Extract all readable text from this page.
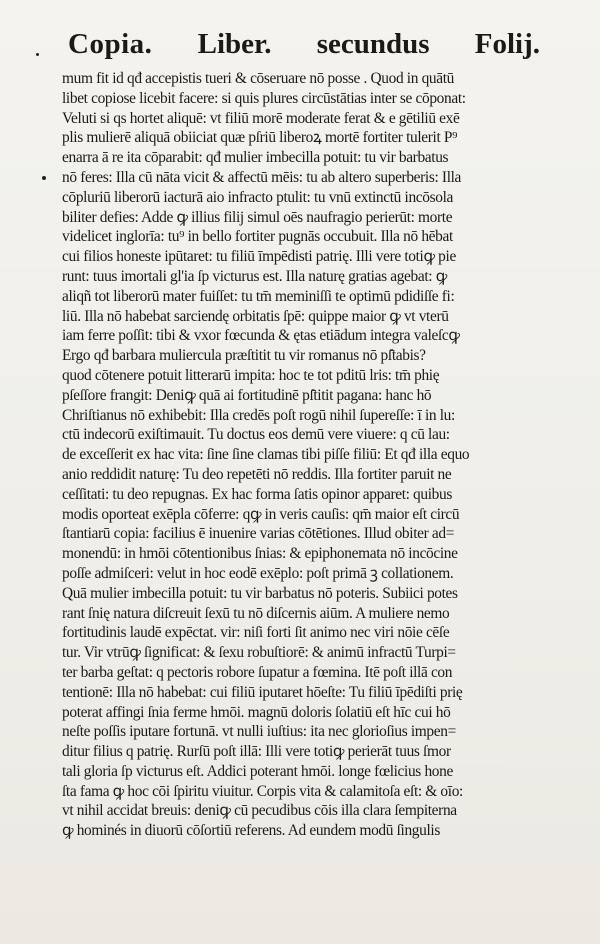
Copia. Liber. secundus Folij.
mum fit id qđ accepistis tueri & cōseruare nō posse . Quod in quātū
libet copiose licebit facere: si quis plures circūstātias inter se cōponat:
Veluti si qs hortet aliquē: vt filiū morē moderate ferat & e gētiliū exē
plis mulierē aliquā obiiciat quæ pſriū liberoꝝ mortē fortiter tulerit P⁹
enarra ā re ita cōparabit: qđ mulier imbecilla potuit: tu vir barbatus
nō feres: Illa cū nāta vicit & affectū mēis: tu ab altero superberis: Illa
cōpluriū liberorū iacturā aio infracto ptulit: tu vnū extinctū incōsola
biliter defies: Adde ꝙ illius filij simul oēs naufragio perierūt: morte
videlicet inglorīa: tu⁹ in bello fortiter pugnās occubuit. Illa nō hēbat
cui filios honeste ipūtaret: tu filiū īmpēdisti patrię. Illi vere totiꝙ pie
runt: tuus imortali gl'ia ſp victurus est. Illa naturę gratias agebat: ꝙ
aliqñ tot liberorū mater fuiſſet: tu tm̄ meminiſſi te optimū pdidiſſe fi:
liū. Illa nō habebat sarciendę orbitatis ſpē: quippe maior ꝙ vt vterū
iam ferre poſſit: tibi & vxor fœcunda & ętas etiādum integra valeſcꝙ
Ergo qđ barbara muliercula præſtitit tu vir romanus nō pſ̄tabis?
quod cōtenere potuit litterarū impita: hoc te tot pditū lris: tm̄ phię
pſeſſore frangit: Deniꝙ quā ai fortitudinē pſ̄titit pagana: hanc hō
Chriſtianus nō exhibebit: Illa credēs poſt rogū nihil ſupereſſe: ī in lu:
ctū indecorū exiſtimauit. Tu doctus eos demū vere viuere: q cū lau:
de exceſſerit ex hac vita: ſine ſine clamas tibi piſſe filiū: Et qđ illa equo
anio reddidit naturę: Tu deo repetēti nō reddis. Illa fortiter paruit ne
ceſſitati: tu deo repugnas. Ex hac forma ſatis opinor apparet: quibus
modis oporteat exēpla cōferre: qꝙ in veris cauſis: qm̄ maior eſt circū
ſtantiarū copia: facilius ē inuenire varias cōtētiones. Illud obiter ad=
monendū: in hmōi cōtentionibus ſnias: & epiphonemata nō incōcine
poſſe admiſceri: velut in hoc eodē exēplo: poſt primā ꝫ collationem.
Quā mulier imbecilla potuit: tu vir barbatus nō poteris. Subiici potes
rant ſnię natura diſcreuit ſexū tu nō diſcernis aiūm. A muliere nemo
fortitudinis laudē expēctat. vir: niſi forti ſit animo nec viri nōie cēſe
tur. Vir vtrūꝙ ſignificat: & ſexu robuſtiorē: & animū infractū Turpi=
ter barba geſtat: q pectoris robore ſupatur a fœmina. Itē poſt illā con
tentionē: Illa nō habebat: cui filiū iputaret hōeſte: Tu filiū īpēdiſti prię
poterat affingi ſnia ferme hmōi. magnū doloris ſolatiū eſt hīc cui hō
neſte poſſis iputare fortunā. vt nulli iuſtius: ita nec glorioſius impen=
ditur filius q patrię. Rurſū poſt illā: Illi vere totiꝙ perierāt tuus ſmor
tali gloria ſp victurus eſt. Addici poterant hmōi. longe fœlicius hone
ſta fama ꝙ hoc cōi ſpiritu viuitur. Corpis vita & calamitoſa eſt: & oīo:
vt nihil accidat breuis: deniꝙ cū pecudibus cōis illa clara ſempiterna
ꝙ hominés in diuorū cōſortiū referens. Ad eundem modū ſingulis
